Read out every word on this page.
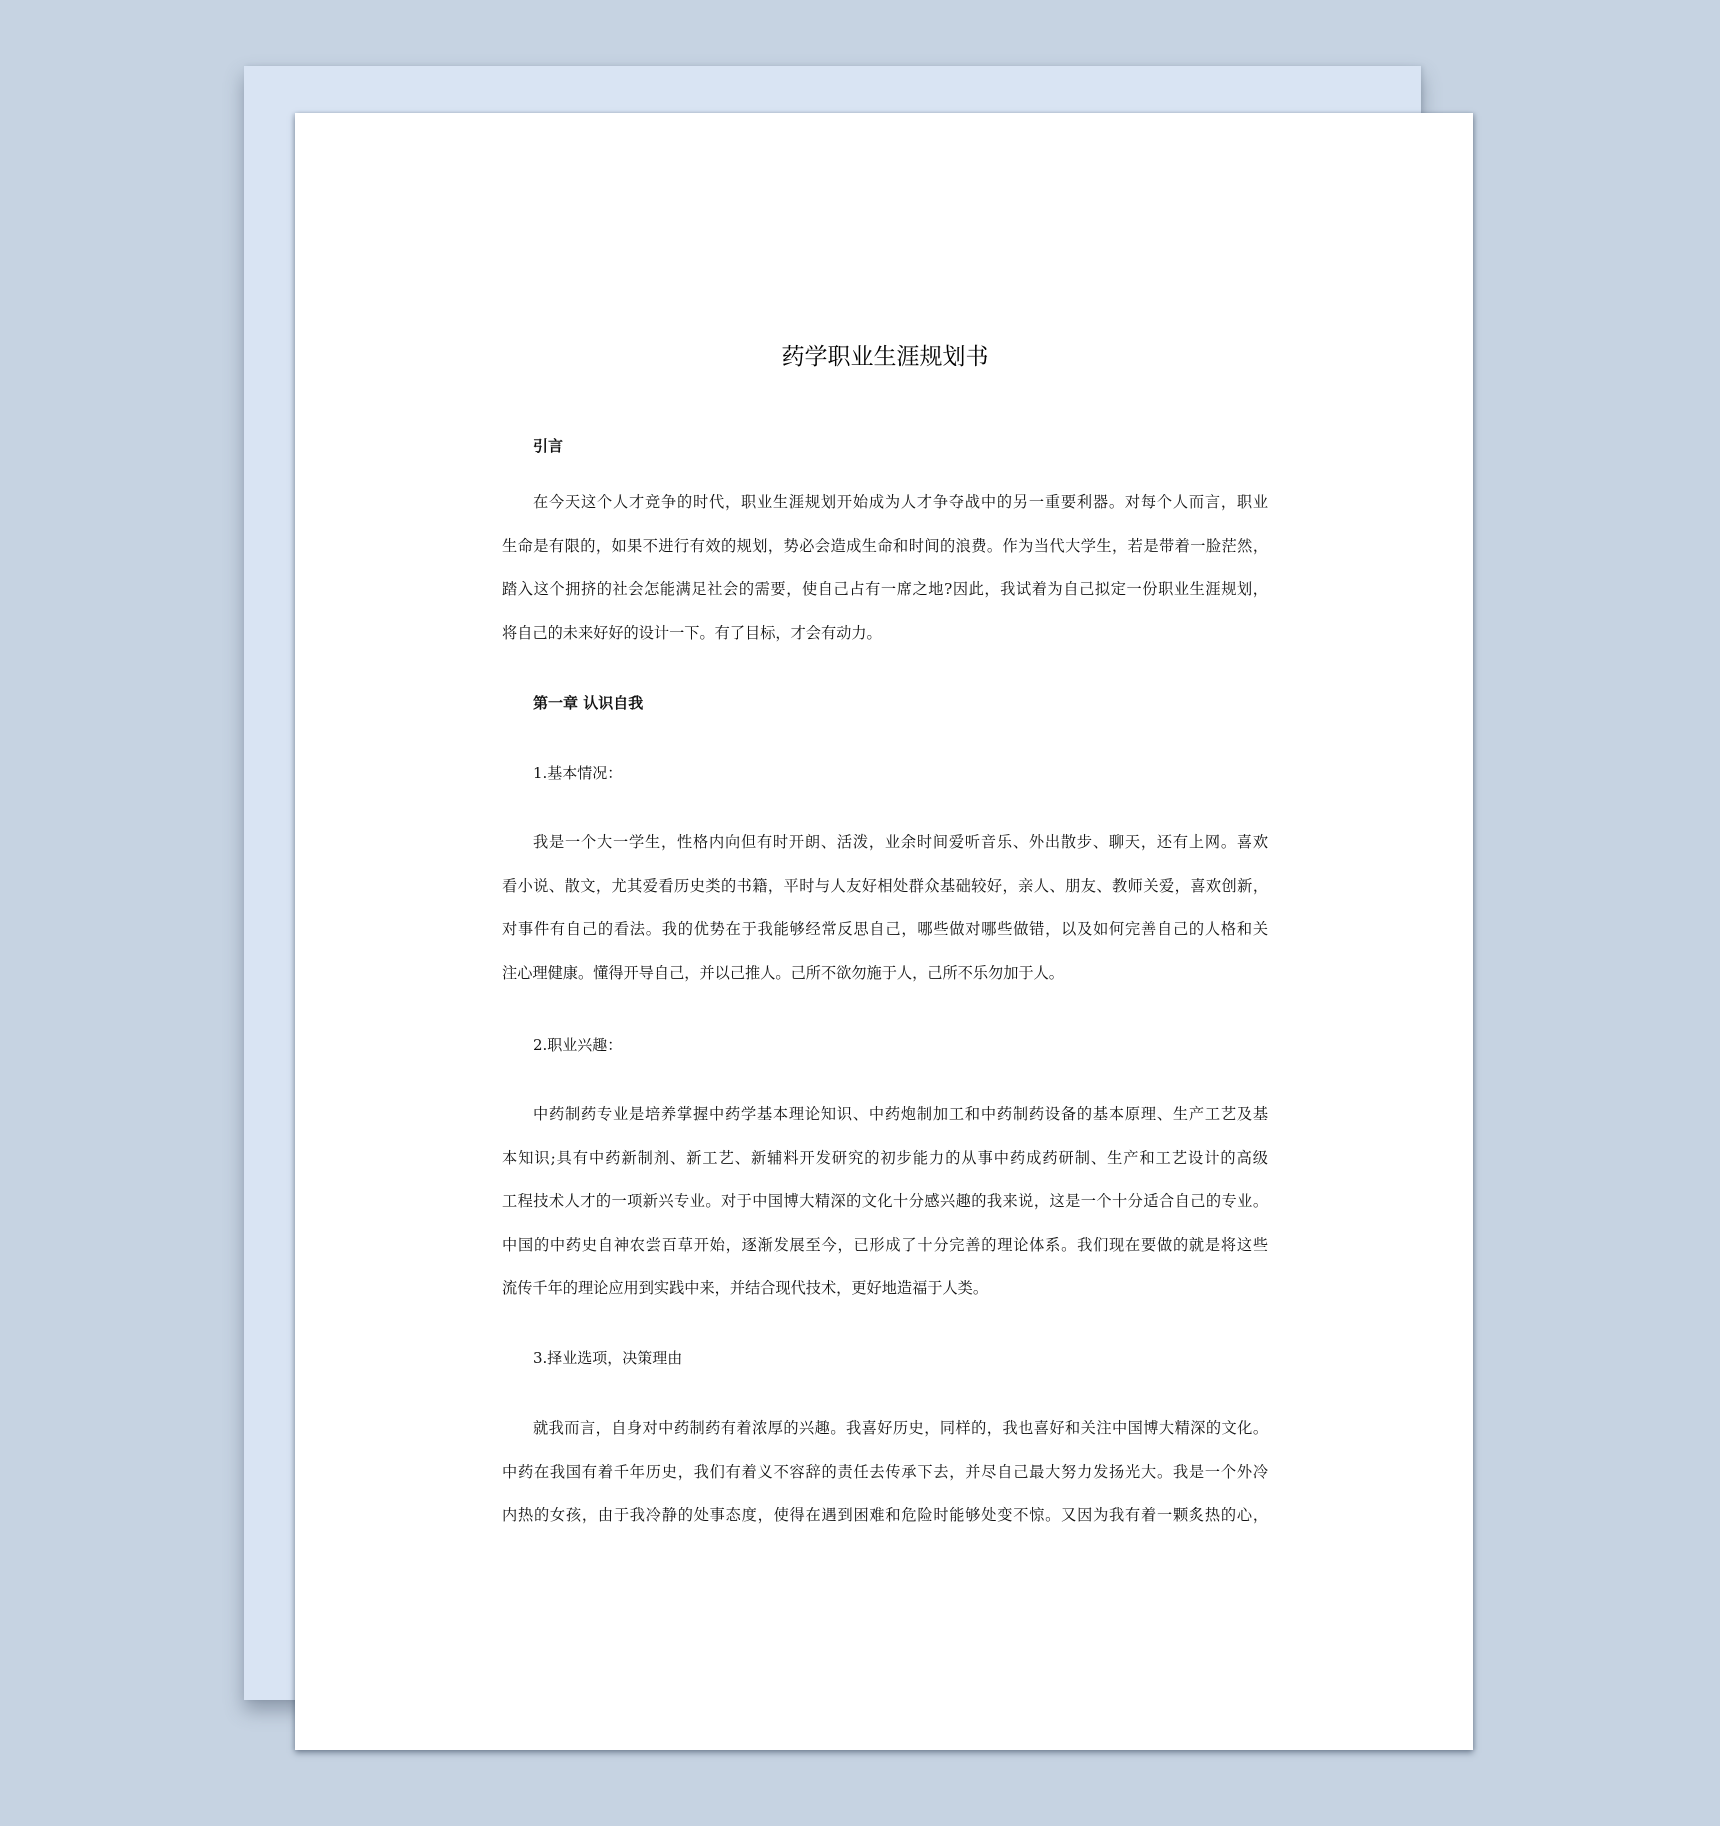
药学职业生涯规划书
引言
在今天这个人才竞争的时代，职业生涯规划开始成为人才争夺战中的另一重要利器。对每个人而言，职业
生命是有限的，如果不进行有效的规划，势必会造成生命和时间的浪费。作为当代大学生，若是带着一脸茫然，
踏入这个拥挤的社会怎能满足社会的需要，使自己占有一席之地?因此，我试着为自己拟定一份职业生涯规划，
将自己的未来好好的设计一下。有了目标，才会有动力。
第一章 认识自我
1.基本情况：
我是一个大一学生，性格内向但有时开朗、活泼，业余时间爱听音乐、外出散步、聊天，还有上网。喜欢
看小说、散文，尤其爱看历史类的书籍，平时与人友好相处群众基础较好，亲人、朋友、教师关爱，喜欢创新，
对事件有自己的看法。我的优势在于我能够经常反思自己，哪些做对哪些做错，以及如何完善自己的人格和关
注心理健康。懂得开导自己，并以己推人。己所不欲勿施于人，己所不乐勿加于人。
2.职业兴趣：
中药制药专业是培养掌握中药学基本理论知识、中药炮制加工和中药制药设备的基本原理、生产工艺及基
本知识;具有中药新制剂、新工艺、新辅料开发研究的初步能力的从事中药成药研制、生产和工艺设计的高级
工程技术人才的一项新兴专业。对于中国博大精深的文化十分感兴趣的我来说，这是一个十分适合自己的专业。
中国的中药史自神农尝百草开始，逐渐发展至今，已形成了十分完善的理论体系。我们现在要做的就是将这些
流传千年的理论应用到实践中来，并结合现代技术，更好地造福于人类。
3.择业选项，决策理由
就我而言，自身对中药制药有着浓厚的兴趣。我喜好历史，同样的，我也喜好和关注中国博大精深的文化。
中药在我国有着千年历史，我们有着义不容辞的责任去传承下去，并尽自己最大努力发扬光大。我是一个外冷
内热的女孩，由于我冷静的处事态度，使得在遇到困难和危险时能够处变不惊。又因为我有着一颗炙热的心，
